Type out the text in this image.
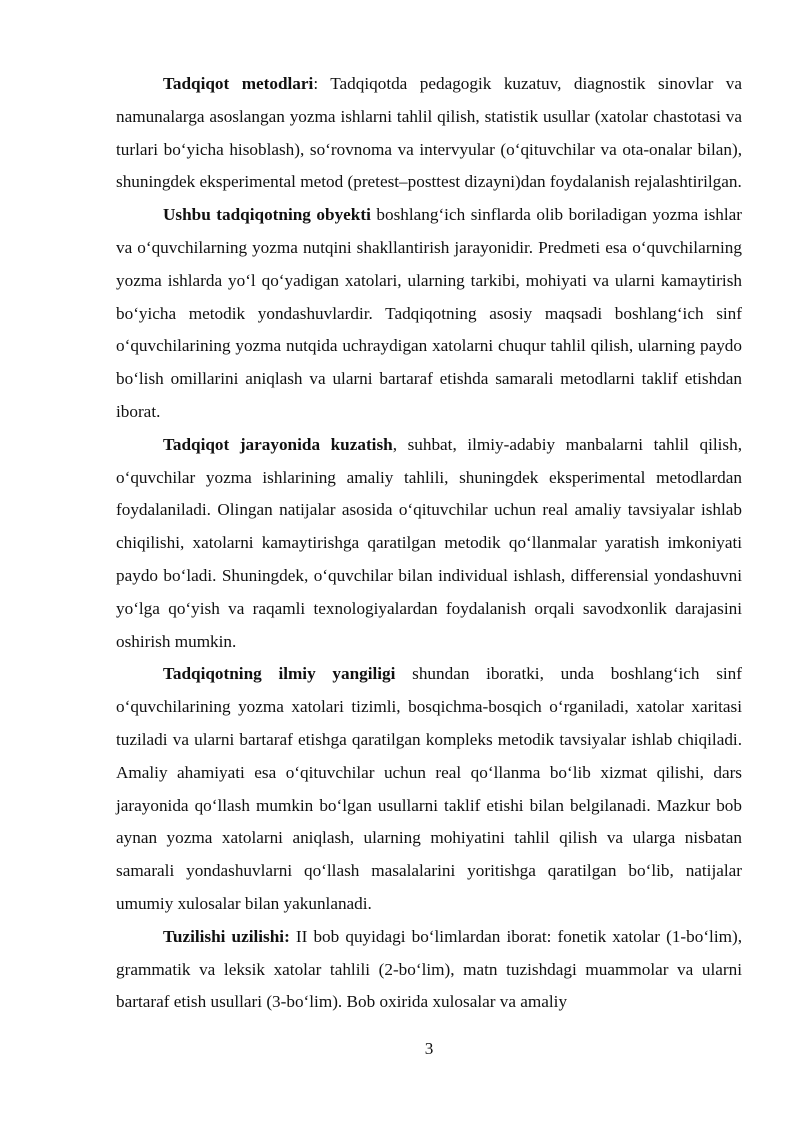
Tadqiqot metodlari: Tadqiqotda pedagogik kuzatuv, diagnostik sinovlar va namunalarga asoslangan yozma ishlarni tahlil qilish, statistik usullar (xatolar chastotasi va turlari bo‘yicha hisoblash), so‘rovnoma va intervyular (o‘qituvchilar va ota-onalar bilan), shuningdek eksperimental metod (pretest–posttest dizayni)dan foydalanish rejalashtirilgan.

Ushbu tadqiqotning obyekti boshlang‘ich sinflarda olib boriladigan yozma ishlar va o‘quvchilarning yozma nutqini shakllantirish jarayonidir. Predmeti esa o‘quvchilarning yozma ishlarda yo‘l qo‘yadigan xatolari, ularning tarkibi, mohiyati va ularni kamaytirish bo‘yicha metodik yondashuvlardir. Tadqiqotning asosiy maqsadi boshlang‘ich sinf o‘quvchilarining yozma nutqida uchraydigan xatolarni chuqur tahlil qilish, ularning paydo bo‘lish omillarini aniqlash va ularni bartaraf etishda samarali metodlarni taklif etishdan iborat.

Tadqiqot jarayonida kuzatish, suhbat, ilmiy-adabiy manbalarni tahlil qilish, o‘quvchilar yozma ishlarining amaliy tahlili, shuningdek eksperimental metodlardan foydalaniladi. Olingan natijalar asosida o‘qituvchilar uchun real amaliy tavsiyalar ishlab chiqilishi, xatolarni kamaytirishga qaratilgan metodik qo‘llanmalar yaratish imkoniyati paydo bo‘ladi. Shuningdek, o‘quvchilar bilan individual ishlash, differensial yondashuvni yo‘lga qo‘yish va raqamli texnologiyalardan foydalanish orqali savodxonlik darajasini oshirish mumkin.

Tadqiqotning ilmiy yangiligi shundan iboratki, unda boshlang‘ich sinf o‘quvchilarining yozma xatolari tizimli, bosqichma-bosqich o‘rganiladi, xatolar xaritasi tuziladi va ularni bartaraf etishga qaratilgan kompleks metodik tavsiyalar ishlab chiqiladi. Amaliy ahamiyati esa o‘qituvchilar uchun real qo‘llanma bo‘lib xizmat qilishi, dars jarayonida qo‘llash mumkin bo‘lgan usullarni taklif etishi bilan belgilanadi. Mazkur bob aynan yozma xatolarni aniqlash, ularning mohiyatini tahlil qilish va ularga nisbatan samarali yondashuvlarni qo‘llash masalalarini yoritishga qaratilgan bo‘lib, natijalar umumiy xulosalar bilan yakunlanadi.

Tuzilishi uzilishi: II bob quyidagi bo‘limlardan iborat: fonetik xatolar (1-bo‘lim), grammatik va leksik xatolar tahlili (2-bo‘lim), matn tuzishdagi muammolar va ularni bartaraf etish usullari (3-bo‘lim). Bob oxirida xulosalar va amaliy

3
